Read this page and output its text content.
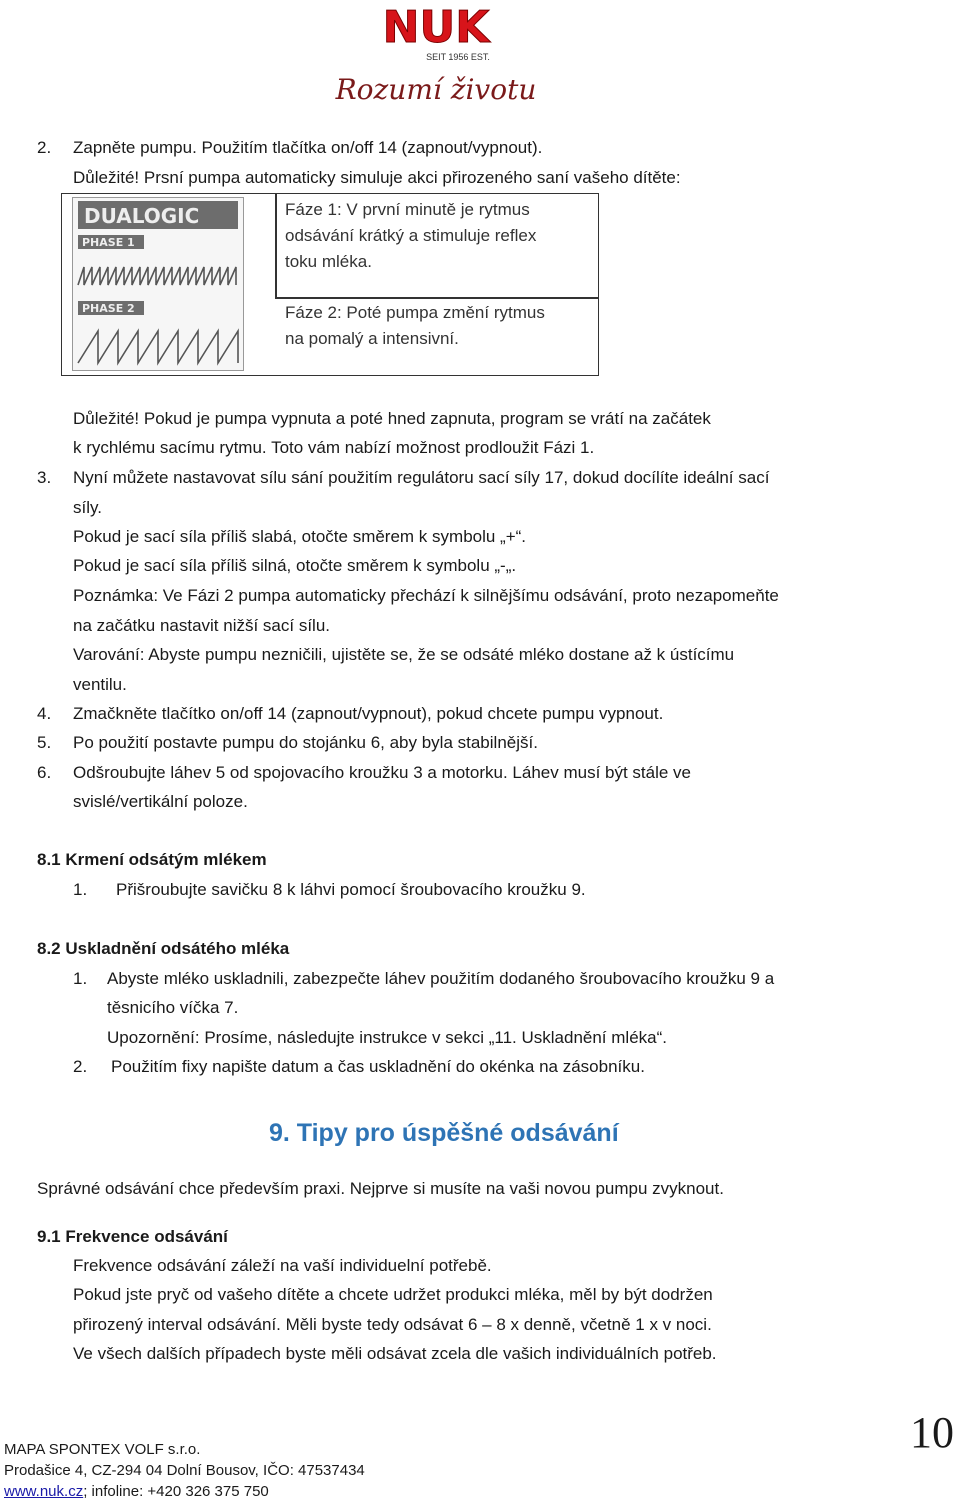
NUK
SEIT 1956 EST.
Rozumí životu
2. Zapněte pumpu. Použitím tlačítka on/off 14 (zapnout/vypnout).
Důležité! Prsní pumpa automaticky simuluje akci přirozeného saní vašeho dítěte:
DUALOGIC
PHASE 1
PHASE 2
Fáze 1: V první minutě je rytmus
odsávání krátký a stimuluje reflex
toku mléka.
Fáze 2: Poté pumpa změní rytmus
na pomalý a intensivní.
Důležité! Pokud je pumpa vypnuta a poté hned zapnuta, program se vrátí na začátek
k rychlému sacímu rytmu. Toto vám nabízí možnost prodloužit Fázi 1.
3. Nyní můžete nastavovat sílu sání použitím regulátoru sací síly 17, dokud docílíte ideální sací
síly.
Pokud je sací síla příliš slabá, otočte směrem k symbolu „+“.
Pokud je sací síla příliš silná, otočte směrem k symbolu „-„.
Poznámka: Ve Fázi 2 pumpa automaticky přechází k silnějšímu odsávání, proto nezapomeňte
na začátku nastavit nižší sací sílu.
Varování: Abyste pumpu nezničili, ujistěte se, že se odsáté mléko dostane až k ústícímu
ventilu.
4. Zmačkněte tlačítko on/off 14 (zapnout/vypnout), pokud chcete pumpu vypnout.
5. Po použití postavte pumpu do stojánku 6, aby byla stabilnější.
6. Odšroubujte láhev 5 od spojovacího kroužku 3 a motorku. Láhev musí být stále ve
svislé/vertikální poloze.
8.1 Krmení odsátým mlékem
1. Přišroubujte savičku 8 k láhvi pomocí šroubovacího kroužku 9.
8.2 Uskladnění odsátého mléka
1. Abyste mléko uskladnili, zabezpečte láhev použitím dodaného šroubovacího kroužku 9 a
těsnicího víčka 7.
Upozornění: Prosíme, následujte instrukce v sekci „11. Uskladnění mléka“.
2. Použitím fixy napište datum a čas uskladnění do okénka na zásobníku.
9. Tipy pro úspěšné odsávání
Správné odsávání chce především praxi. Nejprve si musíte na vaši novou pumpu zvyknout.
9.1 Frekvence odsávání
Frekvence odsávání záleží na vaší individuelní potřebě.
Pokud jste pryč od vašeho dítěte a chcete udržet produkci mléka, měl by být dodržen
přirozený interval odsávání. Měli byste tedy odsávat 6 – 8 x denně, včetně 1 x v noci.
Ve všech dalších případech byste měli odsávat zcela dle vašich individuálních potřeb.
MAPA SPONTEX VOLF s.r.o.
Prodašice 4, CZ-294 04 Dolní Bousov, IČO: 47537434
www.nuk.cz; infoline: +420 326 375 750
10
